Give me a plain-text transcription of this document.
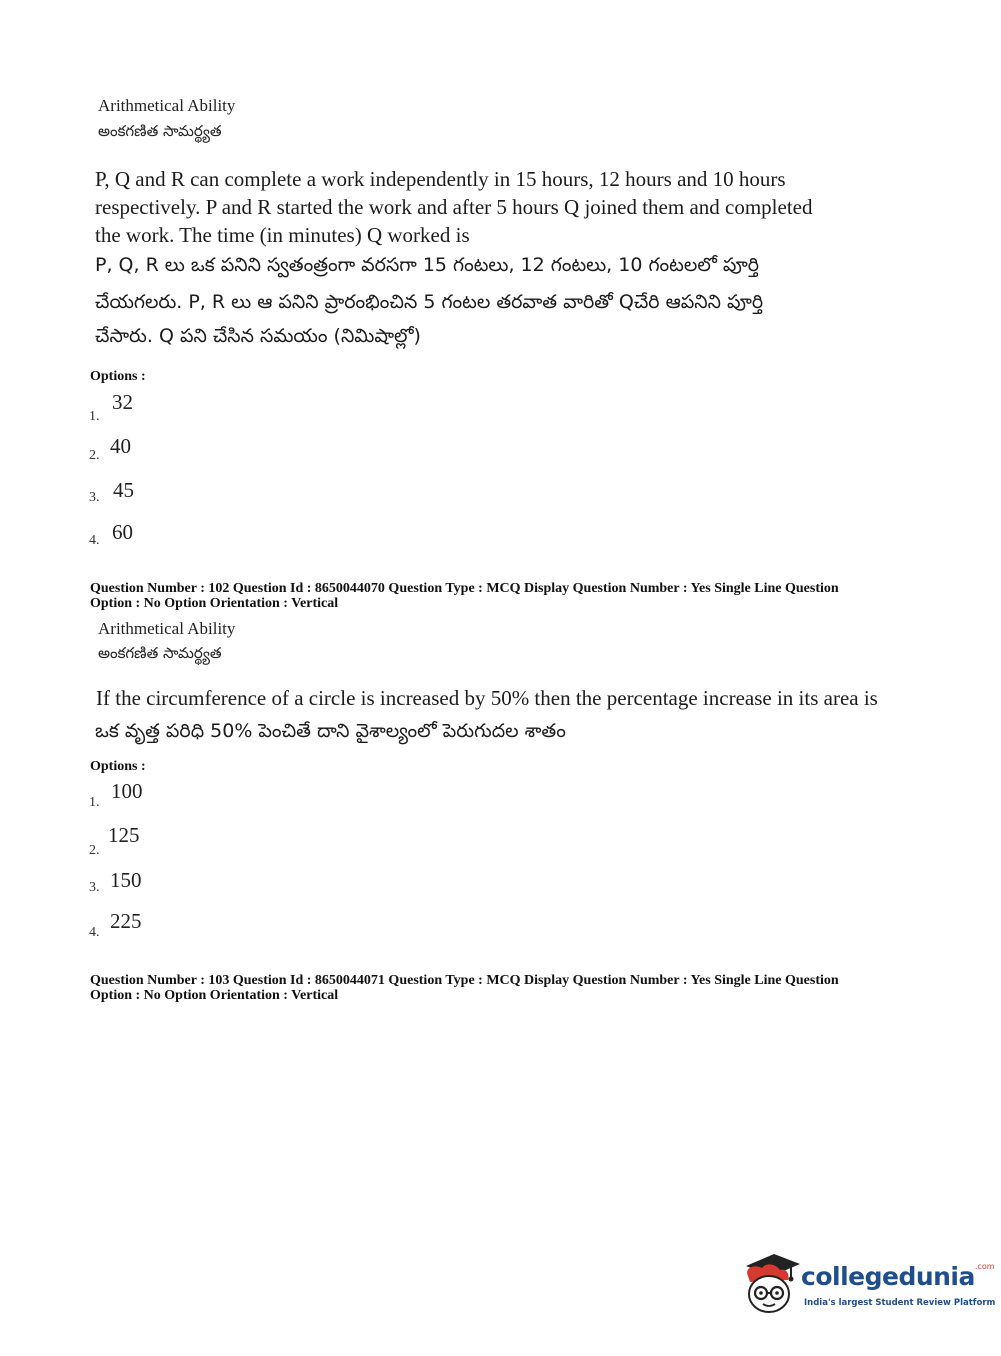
Arithmetical Ability
అంకగణిత సామర్థ్యత
P, Q and R can complete a work independently in 15 hours, 12 hours and 10 hours
respectively. P and R started the work and after 5 hours Q joined them and completed
the work. The time (in minutes) Q worked is
P, Q, R లు ఒక పనిని స్వతంత్రంగా వరసగా 15 గంటలు, 12 గంటలు, 10 గంటలలో పూర్తి
చేయగలరు. P, R లు ఆ పనిని ప్రారంభించిన 5 గంటల తరవాత వారితో Qచేరి ఆపనిని పూర్తి
చేసారు. Q పని చేసిన సమయం (నిమిషాల్లో)
Options :
1.
32
2. 40
3. 45
4. 60
Question Number : 102 Question Id : 8650044070 Question Type : MCQ Display Question Number : Yes Single Line Question
Option : No Option Orientation : Vertical
Arithmetical Ability
అంకగణిత సామర్థ్యత
If the circumference of a circle is increased by 50% then the percentage increase in its area is
ఒక వృత్త పరిధి 50% పెంచితే దాని వైశాల్యంలో పెరుగుదల శాతం
Options :
1. 100
2.
125
3. 150
4. 225
Question Number : 103 Question Id : 8650044071 Question Type : MCQ Display Question Number : Yes Single Line Question
Option : No Option Orientation : Vertical
collegedunia$^{.com}$
India's largest Student Review Platform
